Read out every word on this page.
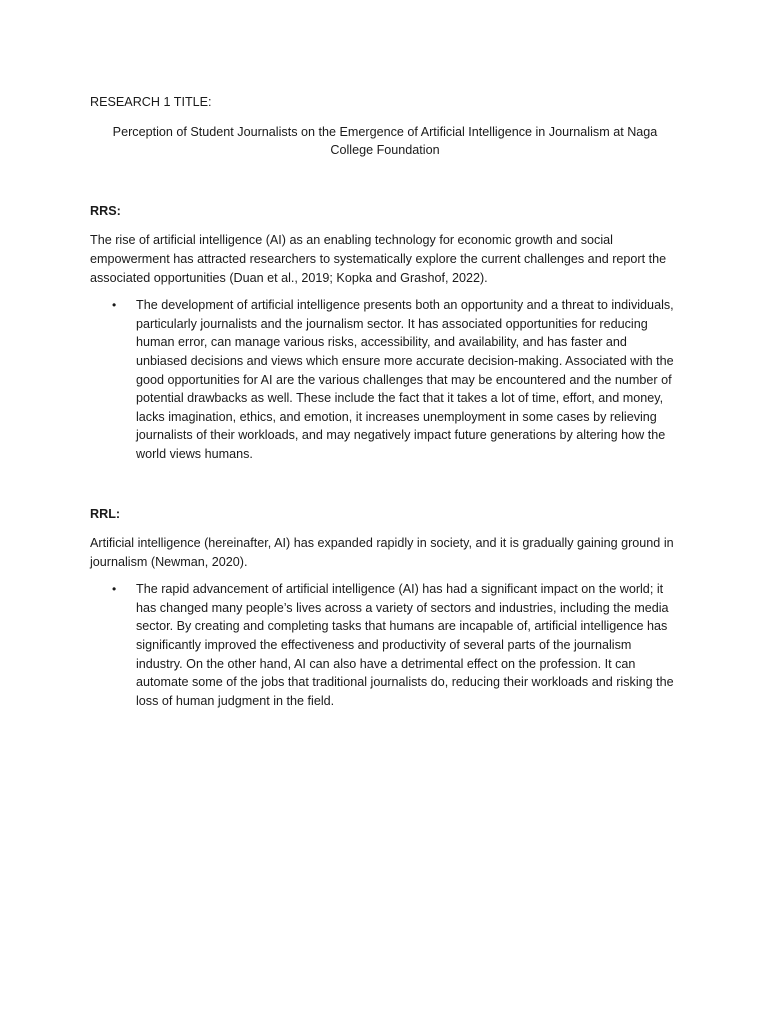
RESEARCH 1 TITLE:

Perception of Student Journalists on the Emergence of Artificial Intelligence in Journalism at Naga College Foundation

RRS:

The rise of artificial intelligence (AI) as an enabling technology for economic growth and social empowerment has attracted researchers to systematically explore the current challenges and report the associated opportunities (Duan et al., 2019; Kopka and Grashof, 2022).

• The development of artificial intelligence presents both an opportunity and a threat to individuals, particularly journalists and the journalism sector. It has associated opportunities for reducing human error, can manage various risks, accessibility, and availability, and has faster and unbiased decisions and views which ensure more accurate decision-making. Associated with the good opportunities for AI are the various challenges that may be encountered and the number of potential drawbacks as well. These include the fact that it takes a lot of time, effort, and money, lacks imagination, ethics, and emotion, it increases unemployment in some cases by relieving journalists of their workloads, and may negatively impact future generations by altering how the world views humans.

RRL:

Artificial intelligence (hereinafter, AI) has expanded rapidly in society, and it is gradually gaining ground in journalism (Newman, 2020).

• The rapid advancement of artificial intelligence (AI) has had a significant impact on the world; it has changed many people’s lives across a variety of sectors and industries, including the media sector. By creating and completing tasks that humans are incapable of, artificial intelligence has significantly improved the effectiveness and productivity of several parts of the journalism industry. On the other hand, AI can also have a detrimental effect on the profession. It can automate some of the jobs that traditional journalists do, reducing their workloads and risking the loss of human judgment in the field.
